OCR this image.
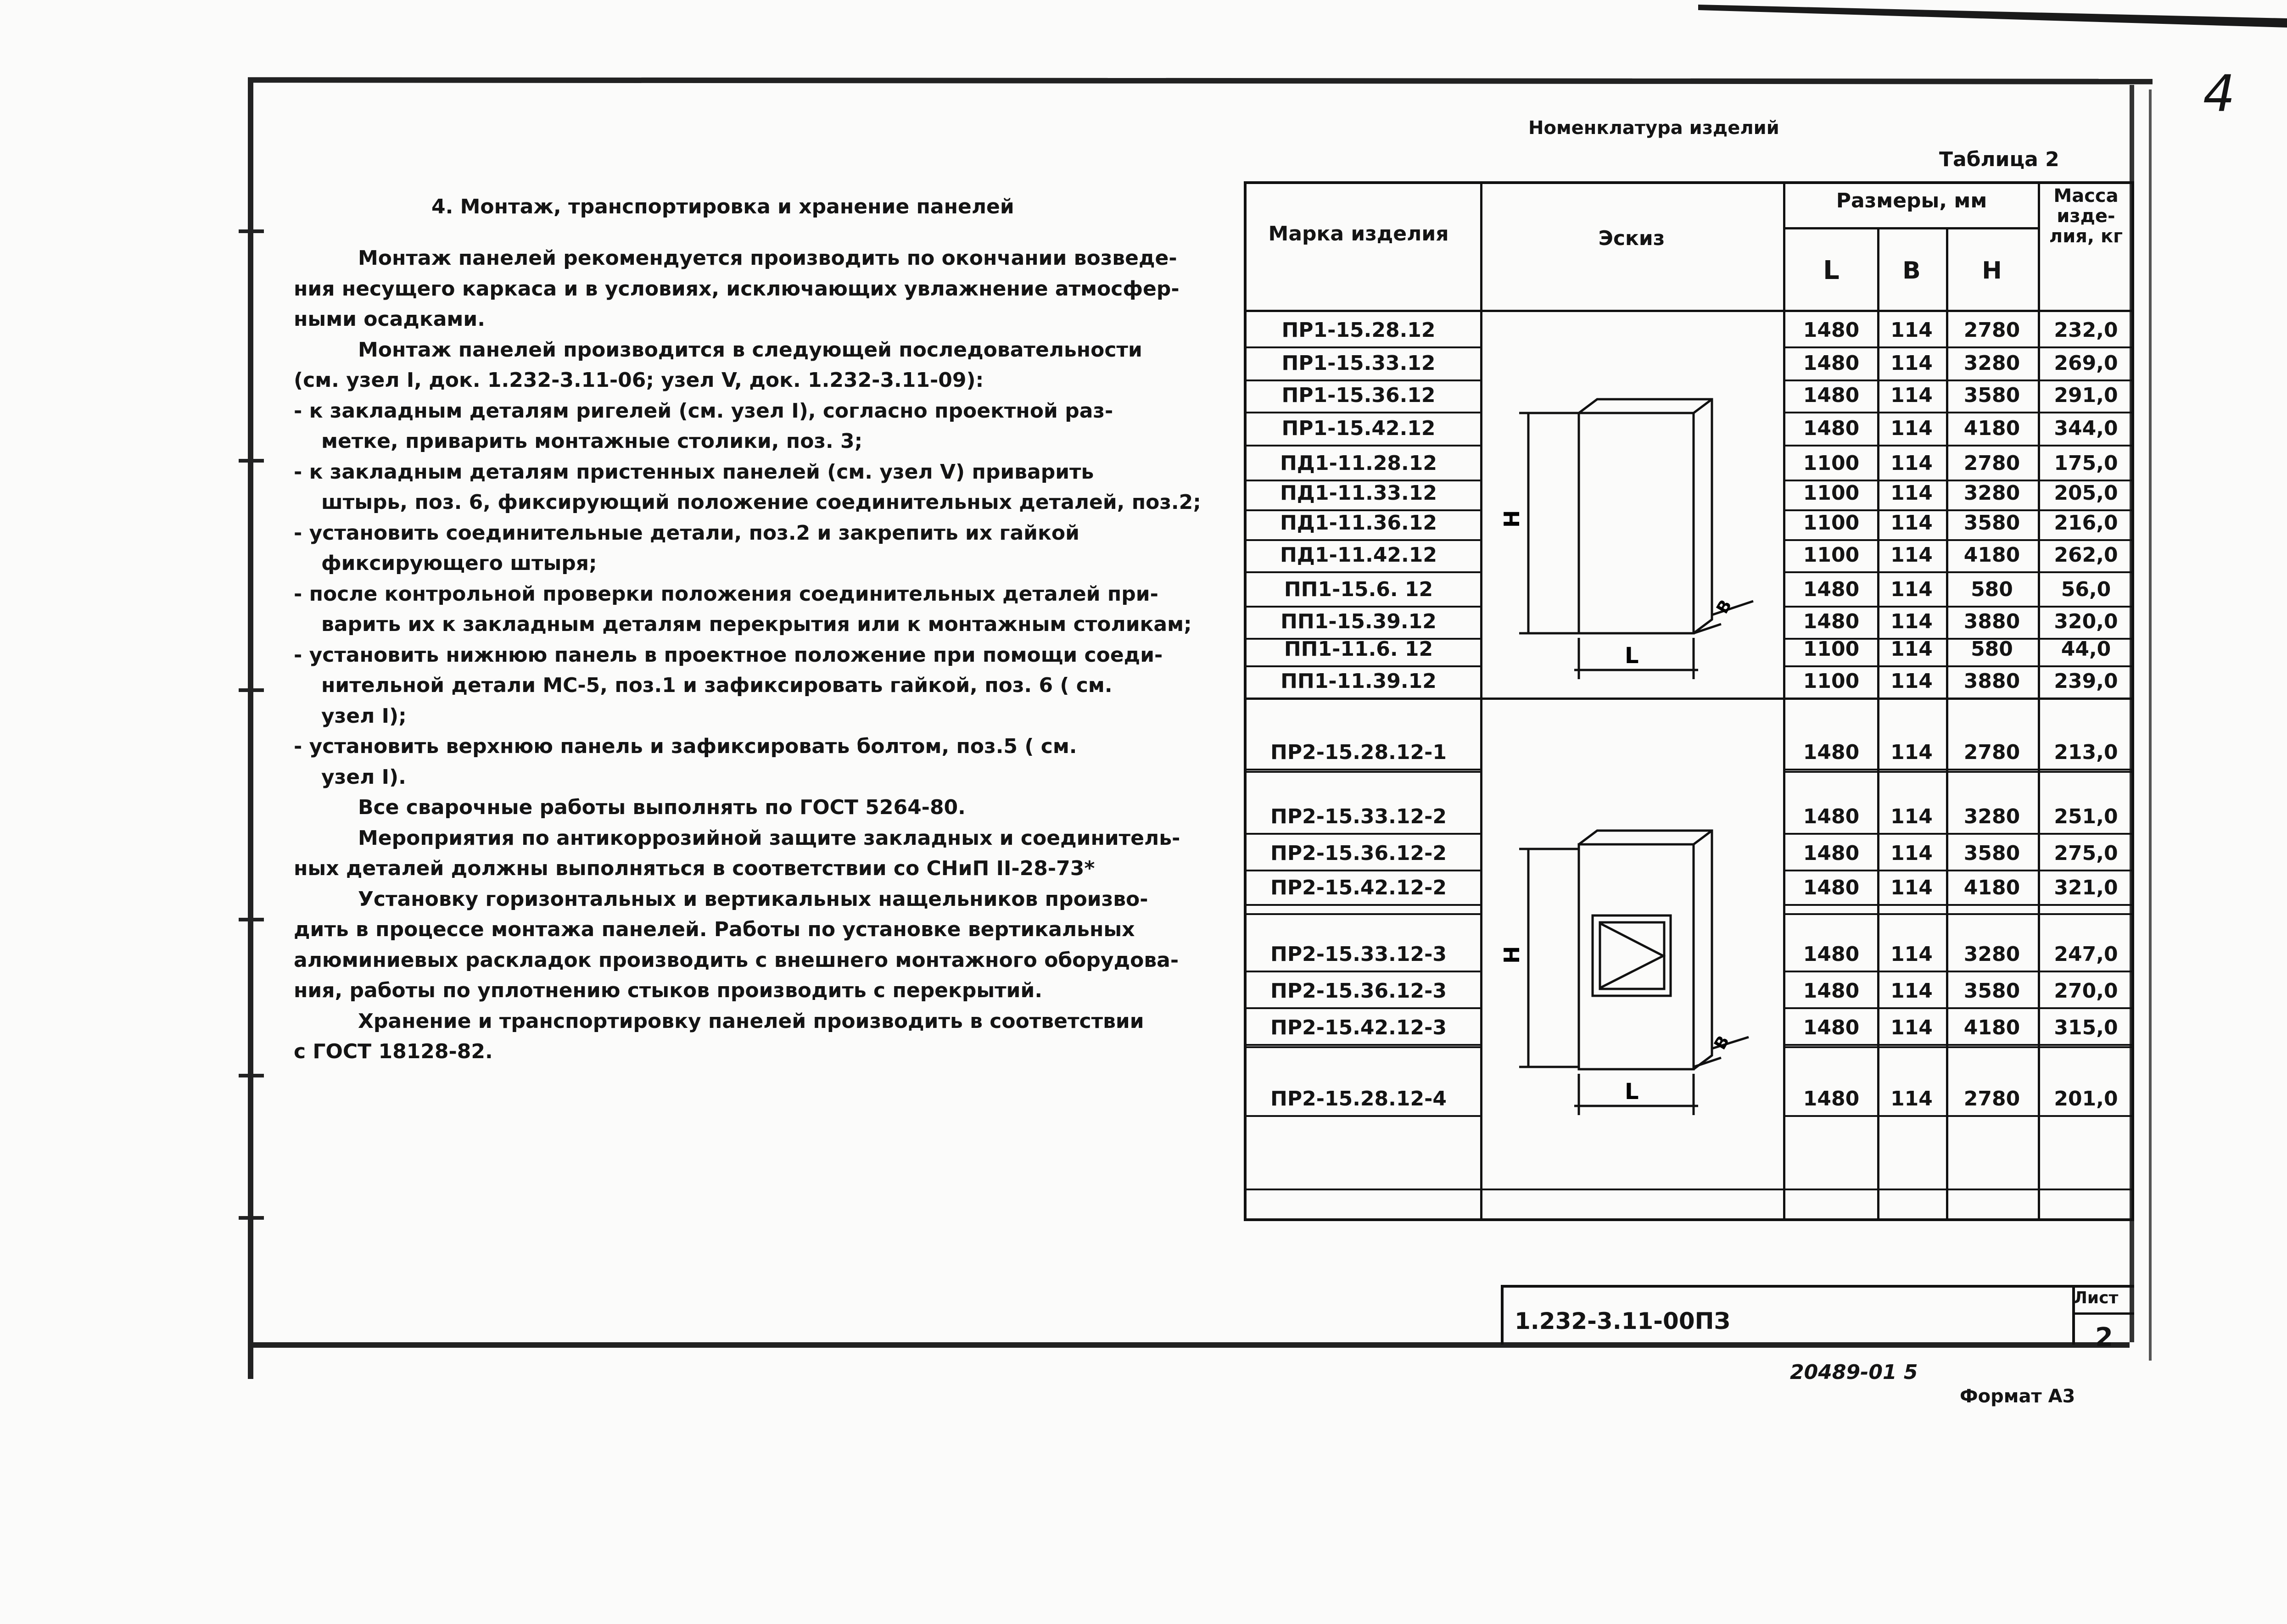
4
4. Монтаж, транспортировка и хранение панелей

Монтаж панелей рекомендуется производить по окончании возведе-

ния несущего каркаса и в условиях, исключающих увлажнение атмосфер-

ными осадками.

Монтаж панелей производится в следующей последовательности

(см. узел I, док. 1.232-3.11-06; узел V, док. 1.232-3.11-09):

- к закладным деталям ригелей (см. узел I), согласно проектной раз-

метке, приварить монтажные столики, поз. 3;

- к закладным деталям пристенных панелей (см. узел V) приварить

штырь, поз. 6, фиксирующий положение соединительных деталей, поз.2;

- установить соединительные детали, поз.2 и закрепить их гайкой

фиксирующего штыря;

- после контрольной проверки положения соединительных деталей при-

варить их к закладным деталям перекрытия или к монтажным столикам;

- установить нижнюю панель в проектное положение при помощи соеди-

нительной детали МС-5, поз.1 и зафиксировать гайкой, поз. 6 ( см.

узел I);

- установить верхнюю панель и зафиксировать болтом, поз.5 ( см.

узел I).

Все сварочные работы выполнять по ГОСТ 5264-80.

Мероприятия по антикоррозийной защите закладных и соединитель-

ных деталей должны выполняться в соответствии со СНиП II-28-73*

Установку горизонтальных и вертикальных нащельников произво-

дить в процессе монтажа панелей. Работы по установке вертикальных

алюминиевых раскладок производить с внешнего монтажного оборудова-

ния, работы по уплотнению стыков производить с перекрытий.

Хранение и транспортировку панелей производить в соответствии

с ГОСТ 18128-82.

Номенклатура изделий
Таблица 2
Марка изделия	Эскиз
Размеры, мм	Масса изде- лия, кг
L	B	H
ПР1-15.28.12	1480	114	2780	232,0
ПР1-15.33.12	1480	114	3280	269,0
ПР1-15.36.12	1480	114	3580	291,0
ПР1-15.42.12	1480	114	4180	344,0
ПД1-11.28.12	1100	114	2780	175,0
ПД1-11.33.12	1100	114	3280	205,0
ПД1-11.36.12	1100	114	3580	216,0
ПД1-11.42.12	1100	114	4180	262,0
ПП1-15.6. 12	1480	114	580	56,0
ПП1-15.39.12	1480	114	3880	320,0
ПП1-11.6. 12	1100	114	580	44,0
ПП1-11.39.12	1100	114	3880	239,0
ПР2-15.28.12-1	1480	114	2780	213,0
ПР2-15.33.12-2	1480	114	3280	251,0
ПР2-15.36.12-2	1480	114	3580	275,0
ПР2-15.42.12-2	1480	114	4180	321,0
ПР2-15.33.12-3	1480	114	3280	247,0
ПР2-15.36.12-3	1480	114	3580	270,0
ПР2-15.42.12-3	1480	114	4180	315,0
ПР2-15.28.12-4	1480	114	2780	201,0
H
L
B
H
L
B
1.232-3.11-00ПЗ
Лист
2
20489-01 5
Формат А3
